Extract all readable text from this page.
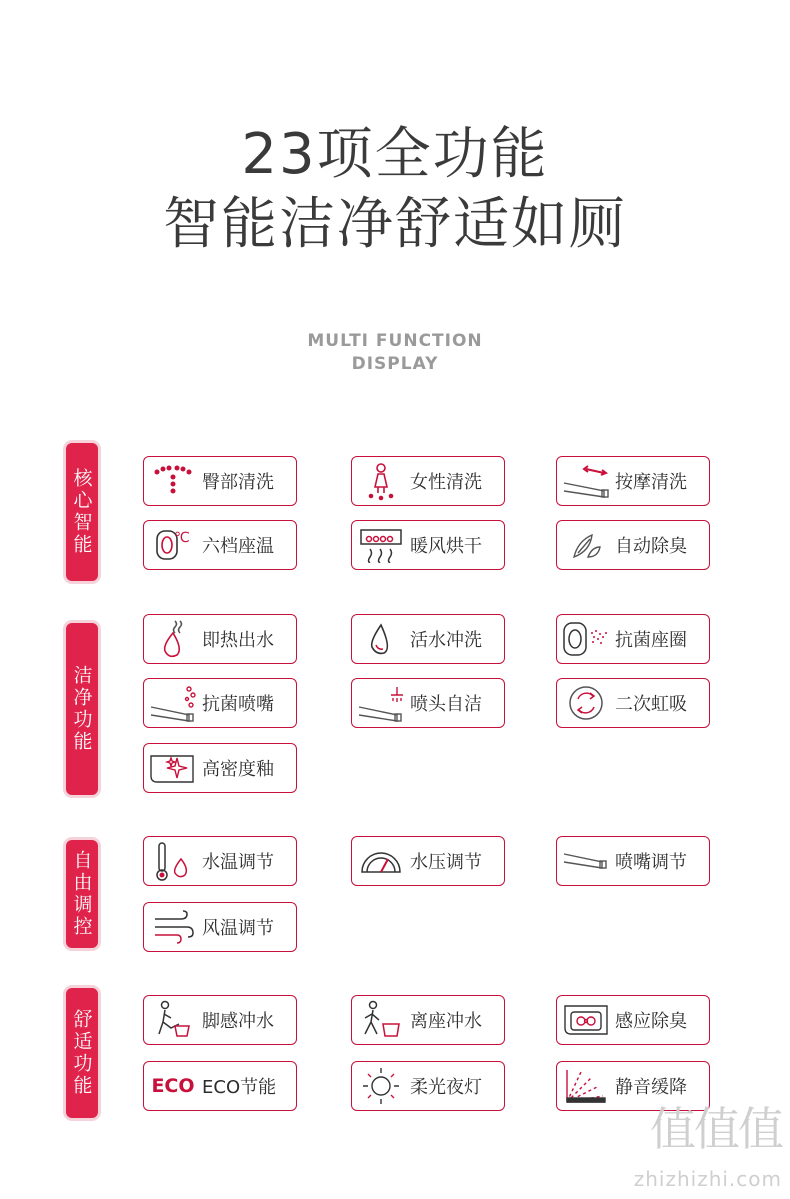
23项全功能
智能洁净舒适如厕
MULTI FUNCTION
DISPLAY
核心智能	臀部清洗	女性清洗	按摩清洗
℃ 六档座温	暖风烘干	自动除臭
洁净功能
即热出水	活水冲洗	抗菌座圈
抗菌喷嘴	喷头自洁	二次虹吸
高密度釉
自由调控	水温调节	水压调节	喷嘴调节
风温调节
舒适功能	脚感冲水	离座冲水	感应除臭
ECO ECO节能	柔光夜灯	静音缓降
值值值
zhizhizhi.com
